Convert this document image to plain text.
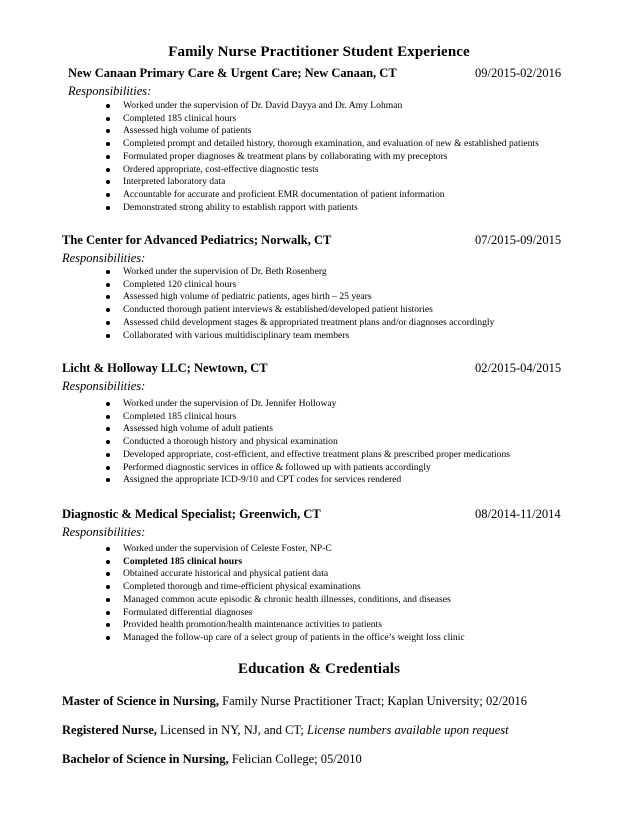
Family Nurse Practitioner Student Experience
New Canaan Primary Care & Urgent Care; New Canaan, CT	09/2015-02/2016
Responsibilities:
Worked under the supervision of Dr. David Dayya and Dr. Amy Lohman
Completed 185 clinical hours
Assessed high volume of patients
Completed prompt and detailed history, thorough examination, and evaluation of new & established patients
Formulated proper diagnoses & treatment plans by collaborating with my preceptors
Ordered appropriate, cost-effective diagnostic tests
Interpreted laboratory data
Accountable for accurate and proficient EMR documentation of patient information
Demonstrated strong ability to establish rapport with patients
The Center for Advanced Pediatrics; Norwalk, CT	07/2015-09/2015
Responsibilities:
Worked under the supervision of Dr. Beth Rosenberg
Completed 120 clinical hours
Assessed high volume of pediatric patients, ages birth – 25 years
Conducted thorough patient interviews & established/developed patient histories
Assessed child development stages & appropriated treatment plans and/or diagnoses accordingly
Collaborated with various multidisciplinary team members
Licht & Holloway LLC; Newtown, CT	02/2015-04/2015
Responsibilities:
Worked under the supervision of Dr. Jennifer Holloway
Completed 185 clinical hours
Assessed high volume of adult patients
Conducted a thorough history and physical examination
Developed appropriate, cost-efficient, and effective treatment plans & prescribed proper medications
Performed diagnostic services in office & followed up with patients accordingly
Assigned the appropriate ICD-9/10 and CPT codes for services rendered
Diagnostic & Medical Specialist; Greenwich, CT	08/2014-11/2014
Responsibilities:
Worked under the supervision of Celeste Foster, NP-C
Completed 185 clinical hours
Obtained accurate historical and physical patient data
Completed thorough and time-efficient physical examinations
Managed common acute episodic & chronic health illnesses, conditions, and diseases
Formulated differential diagnoses
Provided health promotion/health maintenance activities to patients
Managed the follow-up care of a select group of patients in the office’s weight loss clinic
Education & Credentials
Master of Science in Nursing, Family Nurse Practitioner Tract; Kaplan University; 02/2016
Registered Nurse, Licensed in NY, NJ, and CT; License numbers available upon request
Bachelor of Science in Nursing, Felician College; 05/2010
